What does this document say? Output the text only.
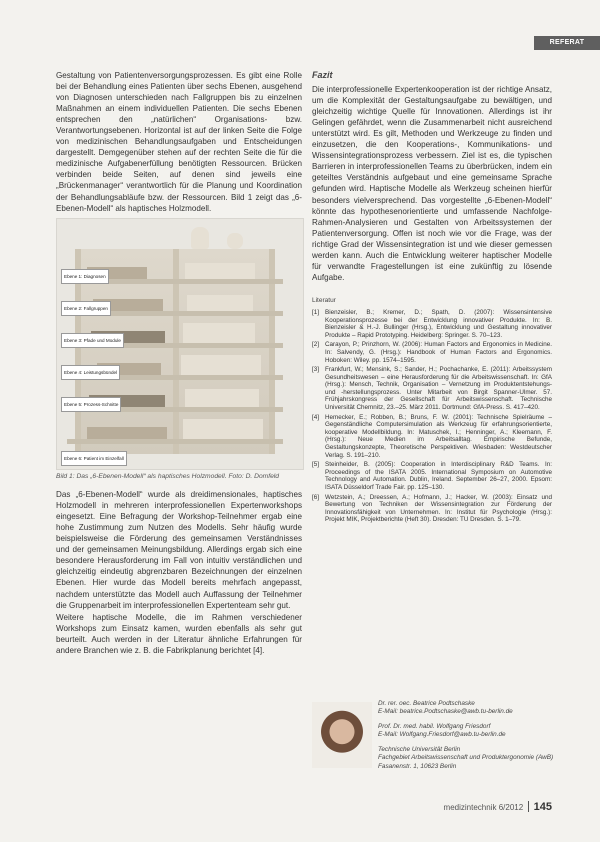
REFERAT

Gestaltung von Patientenversorgungsprozessen. Es gibt eine Rolle bei der Behandlung eines Patienten über sechs Ebenen, ausgehend von Diagnosen unterschieden nach Fallgruppen bis zu einzelnen Maßnahmen an einem individuellen Patienten. Die sechs Ebenen entsprechen den „natürlichen“ Organisations- bzw. Verantwortungsebenen. Horizontal ist auf der linken Seite die Folge von medizinischen Behandlungsaufgaben und Entscheidungen dargestellt. Demgegenüber stehen auf der rechten Seite die für die medizinische Aufgabenerfüllung benötigten Ressourcen. Brücken verbinden beide Seiten, auf denen sind jeweils eine „Brückenmanager“ verantwortlich für die Planung und Koordination der Behandlungsabläufe bzw. der Ressourcen. Bild 1 zeigt das „6-Ebenen-Modell“ als haptisches Holzmodell.

Ebene 1: Diagnosen
Ebene 2: Fallgruppen
Ebene 3: Pfade und Module
Ebene 4: Leistungsbündel
Ebene 5: Prozess-Schnitte
Ebene 6: Patient im Einzelfall

Bild 1: Das „6-Ebenen-Modell“ als haptisches Holzmodell. Foto: D. Domfeld

Das „6-Ebenen-Modell“ wurde als dreidimensionales, haptisches Holzmodell in mehreren interprofessionellen Expertenworkshops eingesetzt. Eine Befragung der Workshop-Teilnehmer ergab eine hohe Zustimmung zum Nutzen des Modells. Sehr häufig wurde beispielsweise die Förderung des gemeinsamen Verständnisses und der gemeinsamen Meinungsbildung. Allerdings ergab sich eine besondere Herausforderung im Fall von intuitiv verständlichen und gleichzeitig eindeutig abgrenzbaren Bezeichnungen der einzelnen Ebenen. Hier wurde das Modell bereits mehrfach angepasst, nachdem unterstützte das Modell auch Auffassung der Teilnehmer die Gruppenarbeit im interprofessionellen Expertenteam sehr gut.

Weitere haptische Modelle, die im Rahmen verschiedener Workshops zum Einsatz kamen, wurden ebenfalls als sehr gut beurteilt. Auch werden in der Literatur ähnliche Erfahrungen für andere Branchen wie z. B. die Fabrikplanung berichtet [4].

Fazit

Die interprofessionelle Expertenkooperation ist der richtige Ansatz, um die Komplexität der Gestaltungsaufgabe zu bewältigen, und gleichzeitig wichtige Quelle für Innovationen. Allerdings ist ihr Gelingen gefährdet, wenn die Zusammenarbeit nicht ausreichend unterstützt wird. Es gilt, Methoden und Werkzeuge zu finden und einzusetzen, die den Kooperations-, Kommunikations- und Wissensintegrationsprozess verbessern. Ziel ist es, die typischen Barrieren in interprofessionellen Teams zu überbrücken, indem ein geteiltes Verständnis aufgebaut und eine gemeinsame Sprache gefunden wird. Haptische Modelle als Werkzeug scheinen hierfür besonders vielversprechend. Das vorgestellte „6-Ebenen-Modell“ könnte das hypothesenorientierte und umfassende Nachfolge-Rahmen-Analysieren und Gestalten von Arbeitssystemen der Patientenversorgung. Offen ist noch wie vor die Frage, was der richtige Grad der Wissensintegration ist und wie dieser gemessen werden kann. Auch die Entwicklung weiterer haptischer Modelle für verwandte Fragestellungen ist eine zukünftig zu lösende Aufgabe.

Literatur

[1] Bienzeisler, B.; Kremer, D.; Spath, D. (2007): Wissensintensive Kooperationsprozesse bei der Entwicklung innovativer Produkte. In: B. Bienzeisler & H.-J. Bullinger (Hrsg.), Entwicklung und Gestaltung innovativer Produkte – Rapid Prototyping. Heidelberg: Springer. S. 70–123.
[2] Carayon, P.; Prinzhorn, W. (2006): Human Factors and Ergonomics in Medicine. In: Salvendy, G. (Hrsg.): Handbook of Human Factors and Ergonomics. Hoboken: Wiley. pp. 1574–1595.
[3] Frankfurt, W.; Mensink, S.; Sander, H.; Pochachanke, E. (2011): Arbeitssystem Gesundheitswesen – eine Herausforderung für die Arbeitswissenschaft. In: GfA (Hrsg.): Mensch, Technik, Organisation – Vernetzung im Produktentstehungs- und -herstellungsprozess. Unter Mitarbeit von Birgit Spanner-Ulmer. 57. Frühjahrskongress der Gesellschaft für Arbeitswissenschaft. Technische Universität Chemnitz, 23.–25. März 2011. Dortmund: GfA-Press. S. 417–420.
[4] Hemecker, E.; Robben, B.; Bruns, F. W. (2001): Technische Spielräume – Gegenständliche Computersimulation als Werkzeug für erfahrungsorientierte, kooperative Modellbildung. In: Matuschek, I.; Henninger, A.; Kleemann, F. (Hrsg.): Neue Medien im Arbeitsalltag. Empirische Befunde, Gestaltungskonzepte, Theoretische Perspektiven. Wiesbaden: Westdeutscher Verlag. S. 191–210.
[5] Steinheider, B. (2005): Cooperation in Interdisciplinary R&D Teams. In: Proceedings of the ISATA 2005. International Symposium on Automotive Technology and Automation. Dublin, Ireland. September 26–27, 2000. Epsom: ISATA Düsseldorf Trade Fair. pp. 125–130.
[6] Wetzstein, A.; Dreessen, A.; Hofmann, J.; Hacker, W. (2003): Einsatz und Bewertung von Techniken der Wissensintegration zur Förderung der Innovationsfähigkeit von Unternehmen. In: Institut für Psychologie (Hrsg.): Projekt MIK, Projektberichte (Heft 30). Dresden: TU Dresden. S. 1–79.
Dr. rer. oec. Beatrice Podtschaske
E-Mail: beatrice.Podtschaske@awb.tu-berlin.de
Prof. Dr. med. habil. Wolfgang Friesdorf
E-Mail: Wolfgang.Friesdorf@awb.tu-berlin.de
Technische Universität Berlin
Fachgebiet Arbeitswissenschaft und Produktergonomie (AwB)
Fasanenstr. 1, 10623 Berlin
medizintechnik 6/2012 145
